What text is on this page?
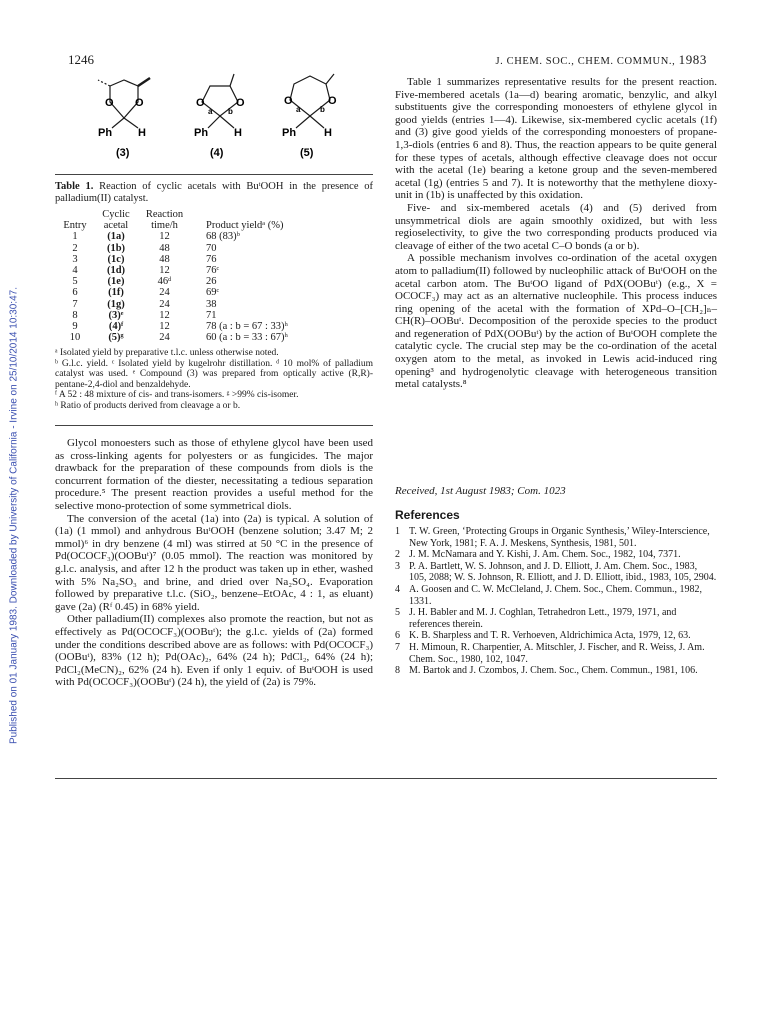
1246	J. CHEM. SOC., CHEM. COMMUN., 1983
Published on 01 January 1983. Downloaded by University of California - Irvine on 25/10/2014 10:30:47.
O O
Ph H
O	O
a b
Ph H
O	O
a b
Ph	H
(3)	(4)	(5)
Table 1. Reaction of cyclic acetals with BuᵗOOH in the presence of palladium(II) catalyst.
	Cyclic	Reaction	
Entry	acetal	time/h	Product yieldᵃ (%)
1	(1a)	12	68 (83)ᵇ
2	(1b)	48	70
3	(1c)	48	76
4	(1d)	12	76ᶜ
5	(1e)	46ᵈ	26
6	(1f)	24	69ᶜ
7	(1g)	24	38
8	(3)ᵉ	12	71
9	(4)ᶠ	12	78 (a : b = 67 : 33)ʰ
10	(5)ᵍ	24	60 (a : b = 33 : 67)ʰ
ᵃ Isolated yield by preparative t.l.c. unless otherwise noted.
ᵇ G.l.c. yield. ᶜ Isolated yield by kugelrohr distillation. ᵈ 10 mol% of palladium catalyst was used. ᵉ Compound (3) was prepared from optically active (R,R)-pentane-2,4-diol and benzaldehyde.
ᶠ A 52 : 48 mixture of cis- and trans-isomers. ᵍ >99% cis-isomer.
ʰ Ratio of products derived from cleavage a or b.

Glycol monoesters such as those of ethylene glycol have been used as cross-linking agents for polyesters or as fungicides. The major drawback for the preparation of these compounds from diols is the concurrent formation of the diester, necessitating a tedious separation procedure.⁵ The present reaction provides a useful method for the selective mono-protection of some symmetrical diols.

The conversion of the acetal (1a) into (2a) is typical. A solution of (1a) (1 mmol) and anhydrous BuᵗOOH (benzene solution; 3.47 M; 2 mmol)⁶ in dry benzene (4 ml) was stirred at 50 °C in the presence of Pd(OCOCF₃)(OOBuᵗ)⁷ (0.05 mmol). The reaction was monitored by g.l.c. analysis, and after 12 h the product was taken up in ether, washed with 5% Na₂SO₃ and brine, and dried over Na₂SO₄. Evaporation followed by preparative t.l.c. (SiO₂, benzene–EtOAc, 4 : 1, as eluant) gave (2a) (Rᶠ 0.45) in 68% yield.

Other palladium(II) complexes also promote the reaction, but not as effectively as Pd(OCOCF₃)(OOBuᵗ); the g.l.c. yields of (2a) formed under the conditions described above are as follows: with Pd(OCOCF₃)(OOBuᵗ), 83% (12 h); Pd(OAc)₂, 64% (24 h); PdCl₂, 64% (24 h); PdCl₂(MeCN)₂, 62% (24 h). Even if only 1 equiv. of BuᵗOOH is used with Pd(OCOCF₃)(OOBuᵗ) (24 h), the yield of (2a) is 79%.

Table 1 summarizes representative results for the present reaction. Five-membered acetals (1a—d) bearing aromatic, benzylic, and alkyl substituents give the corresponding monoesters of ethylene glycol in good yields (entries 1—4). Likewise, six-membered cyclic acetals (1f) and (3) give good yields of the corresponding monoesters of propane-1,3-diols (entries 6 and 8). Thus, the reaction appears to be quite general for these types of acetals, although effective cleavage does not occur with the acetal (1e) bearing a ketone group and the seven-membered acetal (1g) (entries 5 and 7). It is noteworthy that the methylene dioxy-unit in (1b) is unaffected by this oxidation.

Five- and six-membered acetals (4) and (5) derived from unsymmetrical diols are again smoothly oxidized, but with less regioselectivity, to give the two corresponding products produced via cleavage of either of the two acetal C–O bonds (a or b).

A possible mechanism involves co-ordination of the acetal oxygen atom to palladium(II) followed by nucleophilic attack of BuᵗOOH on the acetal carbon atom. The BuᵗOO ligand of PdX(OOBuᵗ) (e.g., X = OCOCF₃) may act as an alternative nucleophile. This process induces ring opening of the acetal with the formation of XPd–O–[CH₂]ₙ–CH(R)–OOBuᵗ. Decomposition of the peroxide species to the product and regeneration of PdX(OOBuᵗ) by the action of BuᵗOOH complete the catalytic cycle. The crucial step may be the co-ordination of the acetal oxygen atom to the metal, as invoked in Lewis acid-induced ring opening³ and hydrogenolytic cleavage with heterogeneous transition metal catalysts.⁸

Received, 1st August 1983; Com. 1023
References
1 T. W. Green, ‘Protecting Groups in Organic Synthesis,’ Wiley-Interscience, New York, 1981; F. A. J. Meskens, Synthesis, 1981, 501.
2 J. M. McNamara and Y. Kishi, J. Am. Chem. Soc., 1982, 104, 7371.
3 P. A. Bartlett, W. S. Johnson, and J. D. Elliott, J. Am. Chem. Soc., 1983, 105, 2088; W. S. Johnson, R. Elliott, and J. D. Elliott, ibid., 1983, 105, 2904.
4 A. Goosen and C. W. McCleland, J. Chem. Soc., Chem. Commun., 1982, 1331.
5 J. H. Babler and M. J. Coghlan, Tetrahedron Lett., 1979, 1971, and references therein.
6 K. B. Sharpless and T. R. Verhoeven, Aldrichimica Acta, 1979, 12, 63.
7 H. Mimoun, R. Charpentier, A. Mitschler, J. Fischer, and R. Weiss, J. Am. Chem. Soc., 1980, 102, 1047.
8 M. Bartok and J. Czombos, J. Chem. Soc., Chem. Commun., 1981, 106.
